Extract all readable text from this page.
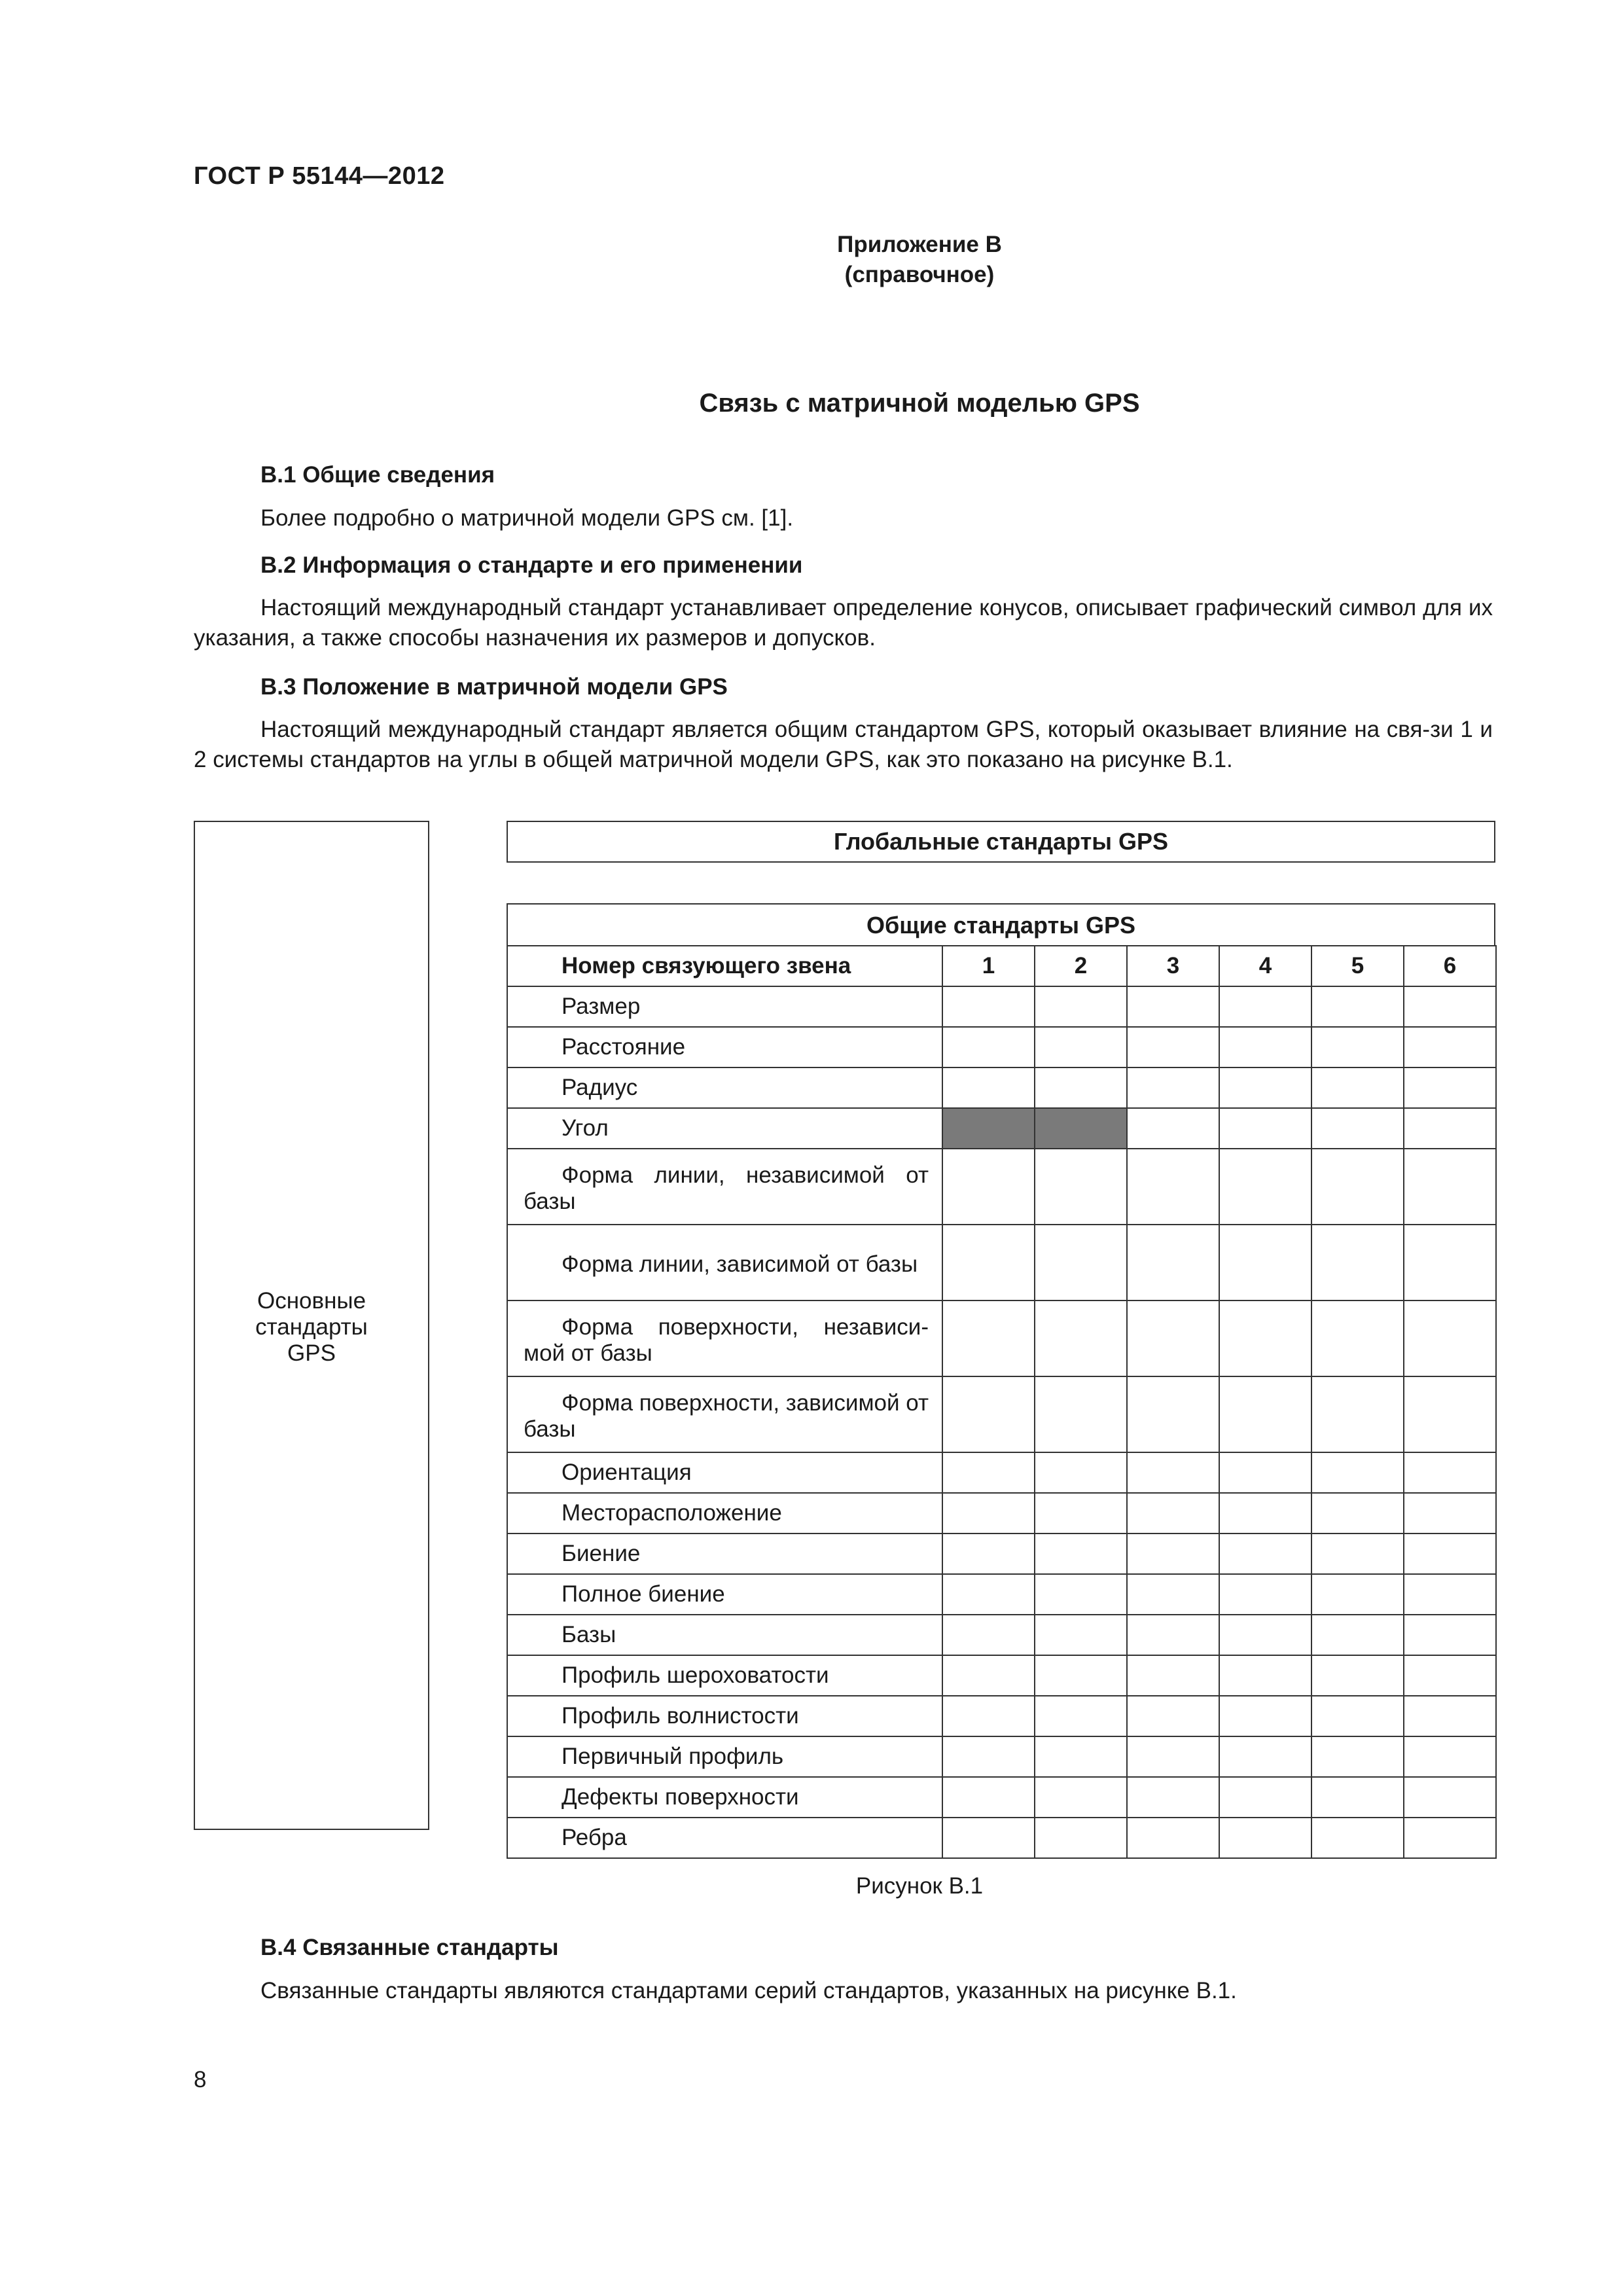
ГОСТ Р 55144—2012
Приложение В
(справочное)
Связь с матричной моделью GPS
В.1 Общие сведения
Более подробно о матричной модели GPS см. [1].
В.2 Информация о стандарте и его применении
Настоящий международный стандарт устанавливает определение конусов, описывает графический символ для их указания, а также способы назначения их размеров и допусков.
В.3 Положение в матричной модели GPS
Настоящий международный стандарт является общим стандартом GPS, который оказывает влияние на свя-зи 1 и 2 системы стандартов на углы в общей матричной модели GPS, как это показано на рисунке В.1.
Основные
стандарты
GPS
Глобальные стандарты GPS
Общие стандарты GPS
Номер связующего звена	1	2	3	4	5	6
Размер						
Расстояние						
Радиус						
Угол						
Форма линии, независимой от базы						
Форма линии, зависимой от базы						
Форма поверхности, независи-мой от базы						
Форма поверхности, зависимой от базы						
Ориентация						
Месторасположение						
Биение						
Полное биение						
Базы						
Профиль шероховатости						
Профиль волнистости						
Первичный профиль						
Дефекты поверхности						
Ребра						
Рисунок В.1
В.4 Связанные стандарты
Связанные стандарты являются стандартами серий стандартов, указанных на рисунке В.1.
8
